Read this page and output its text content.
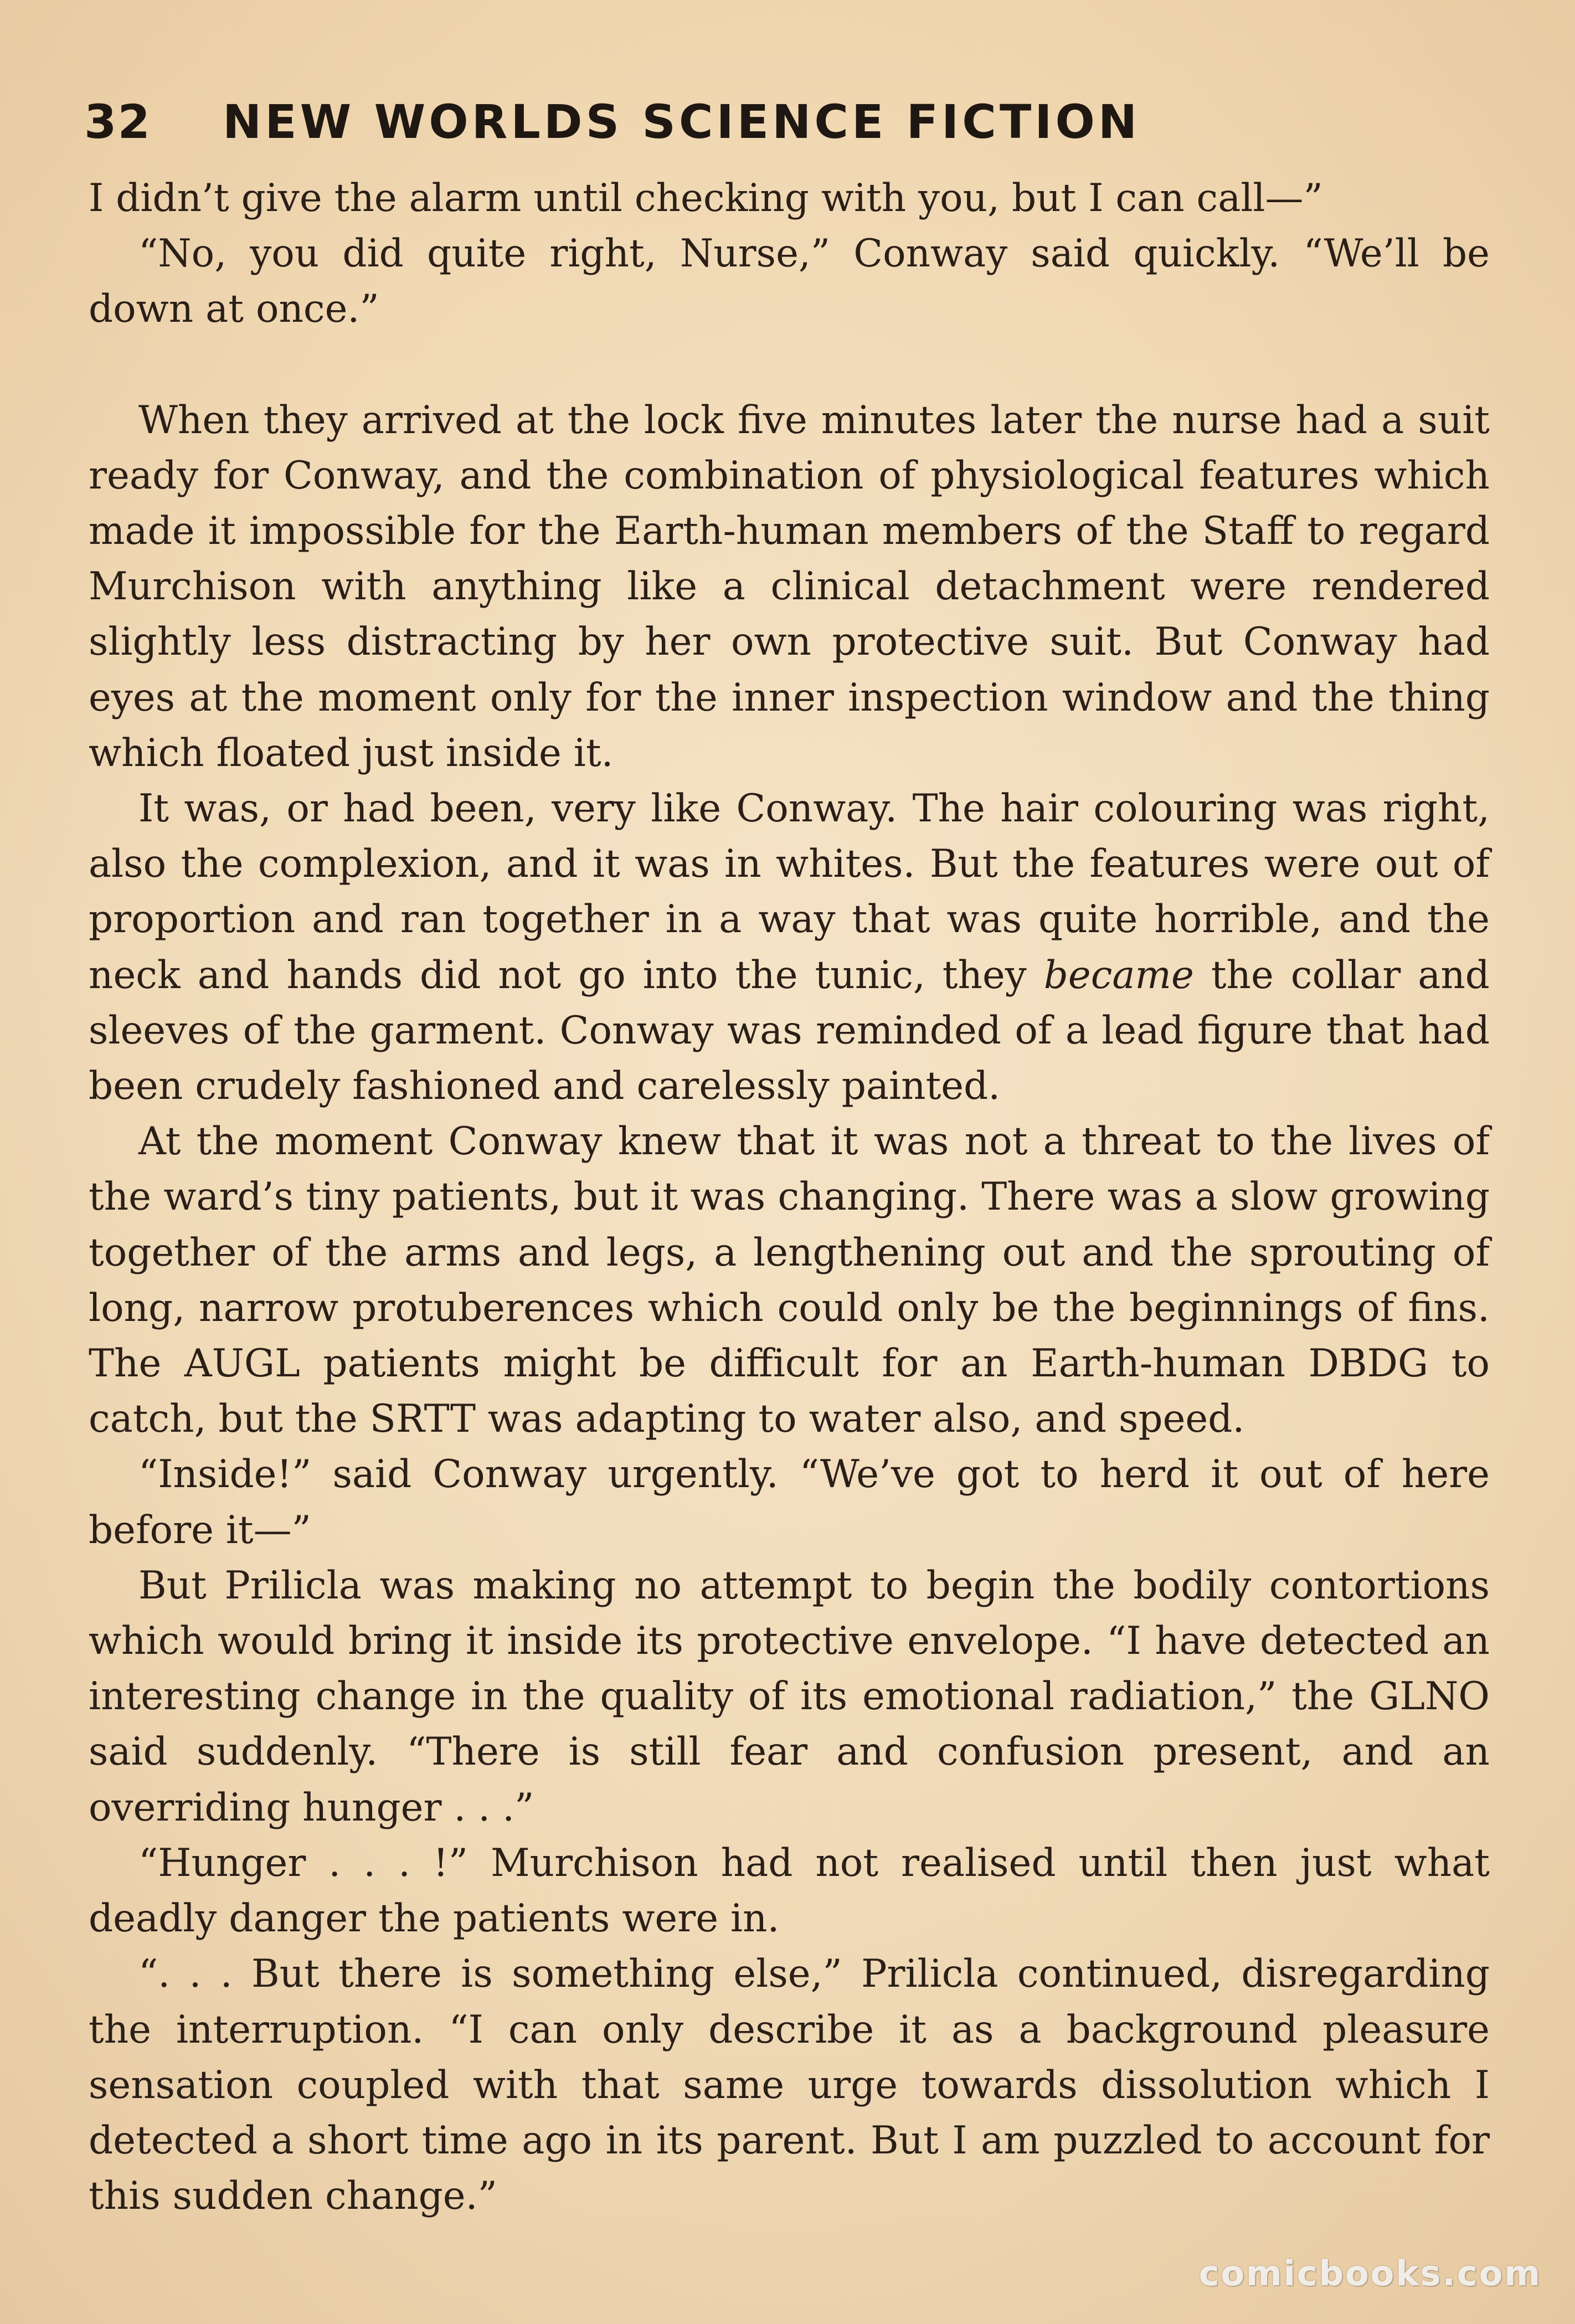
32	NEW WORLDS SCIENCE FICTION

I didn’t give the alarm until checking with you, but I can call—”

“No, you did quite right, Nurse,” Conway said quickly. “We’ll be down at once.”

When they arrived at the lock five minutes later the nurse had a suit ready for Conway, and the combination of physiological features which made it impossible for the Earth-human members of the Staff to regard Murchison with anything like a clinical detachment were rendered slightly less distracting by her own protective suit. But Conway had eyes at the moment only for the inner inspection window and the thing which floated just inside it.

It was, or had been, very like Conway. The hair colouring was right, also the complexion, and it was in whites. But the features were out of proportion and ran together in a way that was quite horrible, and the neck and hands did not go into the tunic, they became the collar and sleeves of the garment. Conway was reminded of a lead figure that had been crudely fashioned and carelessly painted.

At the moment Conway knew that it was not a threat to the lives of the ward’s tiny patients, but it was changing. There was a slow growing together of the arms and legs, a lengthening out and the sprouting of long, narrow protuberences which could only be the beginnings of fins. The AUGL patients might be difficult for an Earth-human DBDG to catch, but the SRTT was adapting to water also, and speed.

“Inside!” said Conway urgently. “We’ve got to herd it out of here before it—”

But Prilicla was making no attempt to begin the bodily contortions which would bring it inside its protective envelope. “I have detected an interesting change in the quality of its emotional radiation,” the GLNO said suddenly. “There is still fear and confusion present, and an overriding hunger . . .”

“Hunger . . . !” Murchison had not realised until then just what deadly danger the patients were in.

“. . . But there is something else,” Prilicla continued, disregarding the interruption. “I can only describe it as a background pleasure sensation coupled with that same urge towards dissolution which I detected a short time ago in its parent. But I am puzzled to account for this sudden change.”

comicbooks.com
